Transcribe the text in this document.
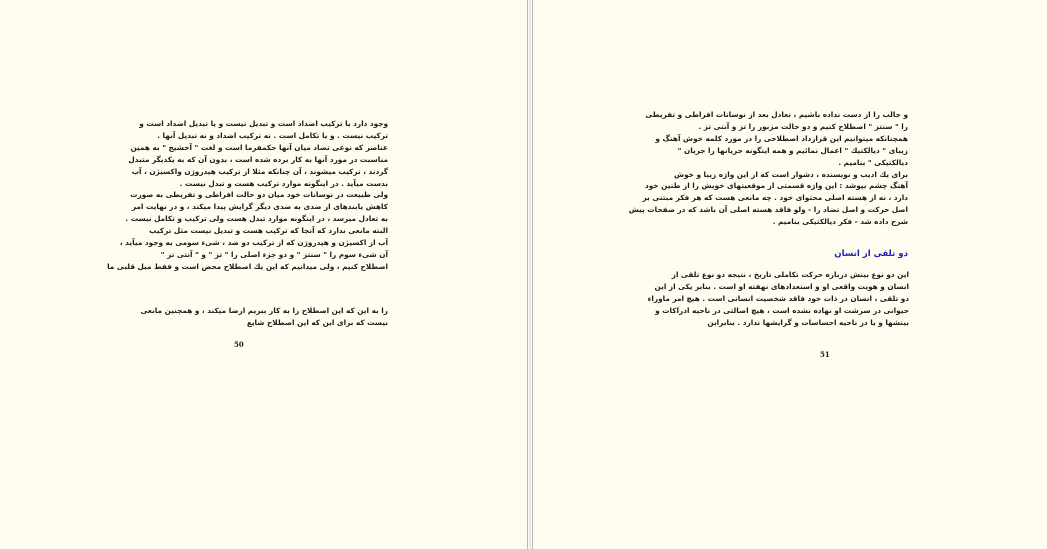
وجود دارد یا ترکیب اضداد است و تبدیل نیست و یا تبدیل اضداد است و
ترکیب نیست . و یا تکامل است . نه ترکیب اضداد و نه تبدیل آنها .
عناصر که نوعی تضاد میان آنها حکمفرما است و لغت " آخشیج " به همین
مناسبت در مورد آنها به کار برده شده است ، بدون آن که به یکدیگر متبدل
گردند ، ترکیب میشوند ، آن چنانکه مثلا از ترکیب هیدروژن واکسیژن ، آب
بدست میآید . در اینگونه موارد ترکیب هست و تبدل نیست .
ولی طبیعت در نوسانات خود میان دو حالت افراطی و تفریطی به صورت
کاهش یابندهای از ضدی به ضدی دیگر گرایش پیدا میکند ، و در نهایت امر
به تعادل میرسد ، در اینگونه موارد تبدل هست ولی ترکیب و تکامل نیست .
البته مانعی ندارد که آنجا که ترکیب هست و تبدیل نیست مثل ترکیب
آب از اکسیژن و هیدروژن که از ترکیب دو ضد ، شیء سومی به وجود میآید ،
آن شیء سوم را " سنتز " و دو جزء اصلی را " تز " و " آنتی تز "
اصطلاح کنیم ، ولی میدانیم که این یك اصطلاح محض است و فقط میل قلبی ما
را به این که این اصطلاح را به کار ببریم ارضا میکند ، و همچنین مانعی
نیست که برای این که این اصطلاح شایع
50
و جالب را از دست نداده باشیم ، تعادل بعد از نوسانات افراطی و تفریطی
را " سنتز " اصطلاح کنیم و دو حالت مزبور را تز و آنتی تز .
همچنانکه میتوانیم این قرارداد اصطلاحی را در مورد کلمه خوش آهنگ و
زیبای " دیالکتیك " اعمال نمائیم و همه اینگونه جریانها را جریان "
دیالکتیکی " بنامیم .
برای یك ادیب و نویسنده ، دشوار است که از این واژه زیبا و خوش
آهنگ چشم بپوشد : این واژه قسمتی از موقعیتهای خویش را از طنین خود
دارد ، نه از هسته اصلی محتوای خود . چه مانعی هست که هر فکر مبتنی بر
اصل حرکت و اصل تضاد را - ولو فاقد هسته اصلی آن باشد که در صفحات پیش
شرح داده شد - فکر دیالکتیکی بنامیم .
دو تلقی از انسان
این دو نوع بینش درباره حرکت تکاملی تاریخ ، نتیجه دو نوع تلقی از
انسان و هویت واقعی او و استعدادهای نهفته او است . بنابر یکی از این
دو تلقی ، انسان در ذات خود فاقد شخصیت انسانی است . هیچ امر ماوراء
حیوانی در سرشت او نهاده نشده است ، هیچ اصالتی در ناحیه ادراکات و
بینشها و یا در ناحیه احساسات و گرایشها ندارد . بنابراین
51
